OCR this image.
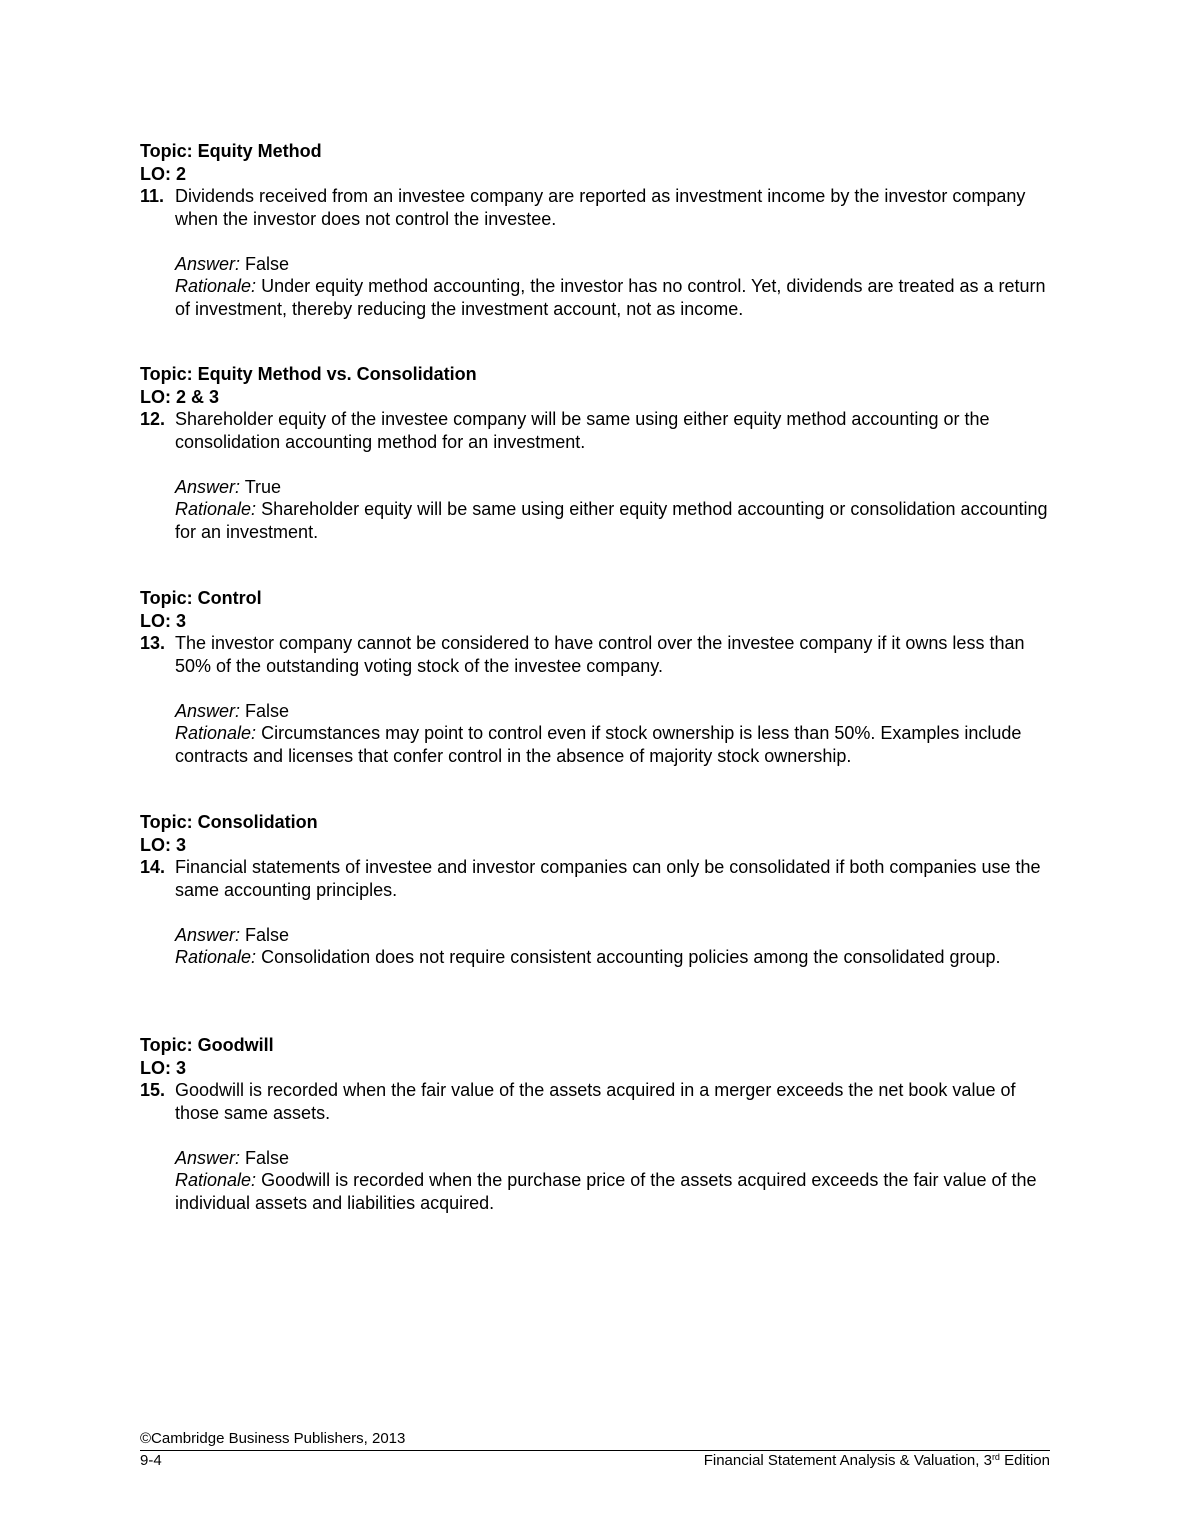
Topic: Equity Method
LO: 2
11. Dividends received from an investee company are reported as investment income by the investor company when the investor does not control the investee.
Answer: False
Rationale: Under equity method accounting, the investor has no control. Yet, dividends are treated as a return of investment, thereby reducing the investment account, not as income.
Topic: Equity Method vs. Consolidation
LO: 2 & 3
12. Shareholder equity of the investee company will be same using either equity method accounting or the consolidation accounting method for an investment.
Answer: True
Rationale: Shareholder equity will be same using either equity method accounting or consolidation accounting for an investment.
Topic: Control
LO: 3
13. The investor company cannot be considered to have control over the investee company if it owns less than 50% of the outstanding voting stock of the investee company.
Answer: False
Rationale: Circumstances may point to control even if stock ownership is less than 50%. Examples include contracts and licenses that confer control in the absence of majority stock ownership.
Topic: Consolidation
LO: 3
14. Financial statements of investee and investor companies can only be consolidated if both companies use the same accounting principles.
Answer: False
Rationale: Consolidation does not require consistent accounting policies among the consolidated group.
Topic: Goodwill
LO: 3
15. Goodwill is recorded when the fair value of the assets acquired in a merger exceeds the net book value of those same assets.
Answer: False
Rationale: Goodwill is recorded when the purchase price of the assets acquired exceeds the fair value of the individual assets and liabilities acquired.
©Cambridge Business Publishers, 2013
9-4	Financial Statement Analysis & Valuation, 3rd Edition
